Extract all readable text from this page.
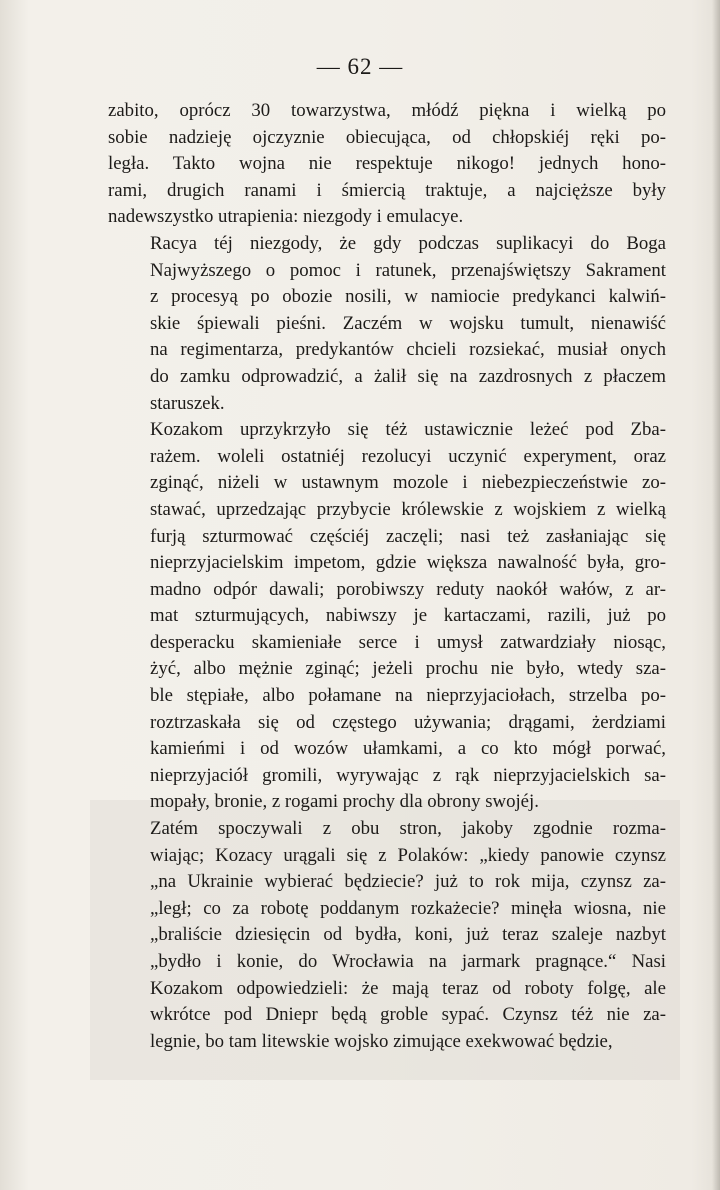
— 62 —

zabito, oprócz 30 towarzystwa, młódź piękna i wielką po
sobie nadzieję ojczyznie obiecująca, od chłopskiéj ręki po-
legła. Takto wojna nie respektuje nikogo! jednych hono-
rami, drugich ranami i śmiercią traktuje, a najcięższe były
nadewszystko utrapienia: niezgody i emulacye.

Racya téj niezgody, że gdy podczas suplikacyi do Boga
Najwyższego o pomoc i ratunek, przenajświętszy Sakrament
z procesyą po obozie nosili, w namiocie predykanci kalwiń-
skie śpiewali pieśni. Zaczém w wojsku tumult, nienawiść
na regimentarza, predykantów chcieli rozsiekać, musiał onych
do zamku odprowadzić, a żalił się na zazdrosnych z płaczem
staruszek.

Kozakom uprzykrzyło się téż ustawicznie leżeć pod Zba-
rażem. woleli ostatniéj rezolucyi uczynić experyment, oraz
zginąć, niżeli w ustawnym mozole i niebezpieczeństwie zo-
stawać, uprzedzając przybycie królewskie z wojskiem z wielką
furją szturmować częściéj zaczęli; nasi też zasłaniając się
nieprzyjacielskim impetom, gdzie większa nawalność była, gro-
madno odpór dawali; porobiwszy reduty naokół wałów, z ar-
mat szturmujących, nabiwszy je kartaczami, razili, już po
desperacku skamieniałe serce i umysł zatwardziały niosąc,
żyć, albo mężnie zginąć; jeżeli prochu nie było, wtedy sza-
ble stępiałe, albo połamane na nieprzyjaciołach, strzelba po-
roztrzaskała się od częstego używania; drągami, żerdziami
kamieńmi i od wozów ułamkami, a co kto mógł porwać,
nieprzyjaciół gromili, wyrywając z rąk nieprzyjacielskich sa-
mopały, bronie, z rogami prochy dla obrony swojéj.

Zatém spoczywali z obu stron, jakoby zgodnie rozma-
wiając; Kozacy urągali się z Polaków: „kiedy panowie czynsz
„na Ukrainie wybierać będziecie? już to rok mija, czynsz za-
„legł; co za robotę poddanym rozkażecie? minęła wiosna, nie
„braliście dziesięcin od bydła, koni, już teraz szaleje nazbyt
„bydło i konie, do Wrocławia na jarmark pragnące.“ Nasi
Kozakom odpowiedzieli: że mają teraz od roboty folgę, ale
wkrótce pod Dniepr będą groble sypać. Czynsz téż nie za-
legnie, bo tam litewskie wojsko zimujące exekwować będzie,
